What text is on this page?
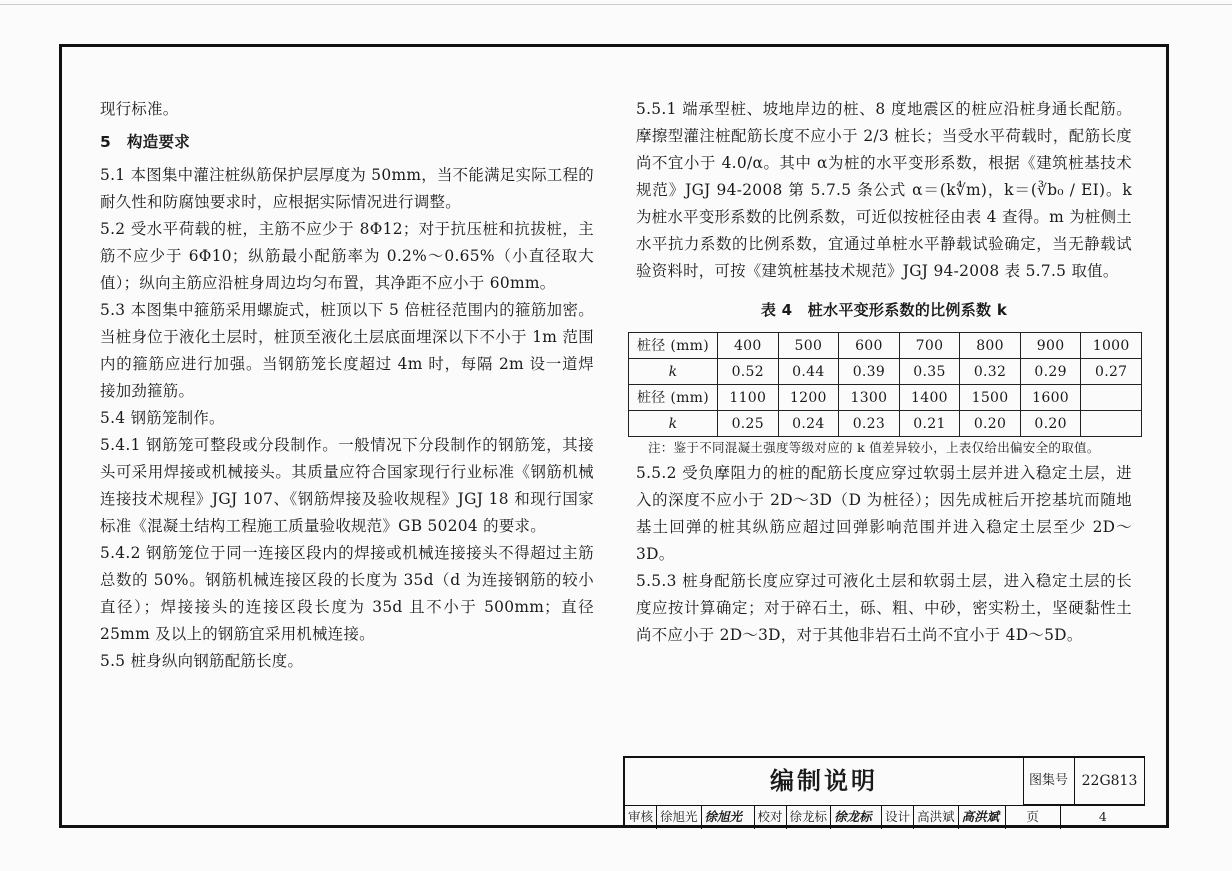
现行标准。

5　构造要求

5.1 本图集中灌注桩纵筋保护层厚度为 50mm，当不能满足实际工程的耐久性和防腐蚀要求时，应根据实际情况进行调整。

5.2 受水平荷载的桩，主筋不应少于 8Φ12；对于抗压桩和抗拔桩，主筋不应少于 6Φ10；纵筋最小配筋率为 0.2%～0.65%（小直径取大值）；纵向主筋应沿桩身周边均匀布置，其净距不应小于 60mm。

5.3 本图集中箍筋采用螺旋式，桩顶以下 5 倍桩径范围内的箍筋加密。当桩身位于液化土层时，桩顶至液化土层底面埋深以下不小于 1m 范围内的箍筋应进行加强。当钢筋笼长度超过 4m 时，每隔 2m 设一道焊接加劲箍筋。

5.4 钢筋笼制作。

5.4.1 钢筋笼可整段或分段制作。一般情况下分段制作的钢筋笼，其接头可采用焊接或机械接头。其质量应符合国家现行行业标准《钢筋机械连接技术规程》JGJ 107、《钢筋焊接及验收规程》JGJ 18 和现行国家标准《混凝土结构工程施工质量验收规范》GB 50204 的要求。

5.4.2 钢筋笼位于同一连接区段内的焊接或机械连接接头不得超过主筋总数的 50%。钢筋机械连接区段的长度为 35d（d 为连接钢筋的较小直径）；焊接接头的连接区段长度为 35d 且不小于 500mm；直径 25mm 及以上的钢筋宜采用机械连接。

5.5 桩身纵向钢筋配筋长度。

5.5.1 端承型桩、坡地岸边的桩、8 度地震区的桩应沿桩身通长配筋。摩擦型灌注桩配筋长度不应小于 2/3 桩长；当受水平荷载时，配筋长度尚不宜小于 4.0/α。其中 α为桩的水平变形系数，根据《建筑桩基技术规范》JGJ 94-2008 第 5.7.5 条公式 α＝(k∜m)，k＝(∛b₀ / EI)。k 为桩水平变形系数的比例系数，可近似按桩径由表 4 查得。m 为桩侧土水平抗力系数的比例系数，宜通过单桩水平静载试验确定，当无静载试验资料时，可按《建筑桩基技术规范》JGJ 94-2008 表 5.7.5 取值。

表 4　桩水平变形系数的比例系数 k

桩径 (mm)	400	500	600	700	800	900	1000
k	0.52	0.44	0.39	0.35	0.32	0.29	0.27
桩径 (mm)	1100	1200	1300	1400	1500	1600	
k	0.25	0.24	0.23	0.21	0.20	0.20	

注：鉴于不同混凝土强度等级对应的 k 值差异较小，上表仅给出偏安全的取值。

5.5.2 受负摩阻力的桩的配筋长度应穿过软弱土层并进入稳定土层，进入的深度不应小于 2D～3D（D 为桩径）；因先成桩后开挖基坑而随地基土回弹的桩其纵筋应超过回弹影响范围并进入稳定土层至少 2D～3D。

5.5.3 桩身配筋长度应穿过可液化土层和软弱土层，进入稳定土层的长度应按计算确定；对于碎石土，砾、粗、中砂，密实粉土，坚硬黏性土尚不应小于 2D～3D，对于其他非岩石土尚不宜小于 4D～5D。

编制说明	图集号 22G813
审核 徐旭光 徐旭光	校对 徐龙标 徐龙标	设计 高洪斌 高洪斌	页	4
